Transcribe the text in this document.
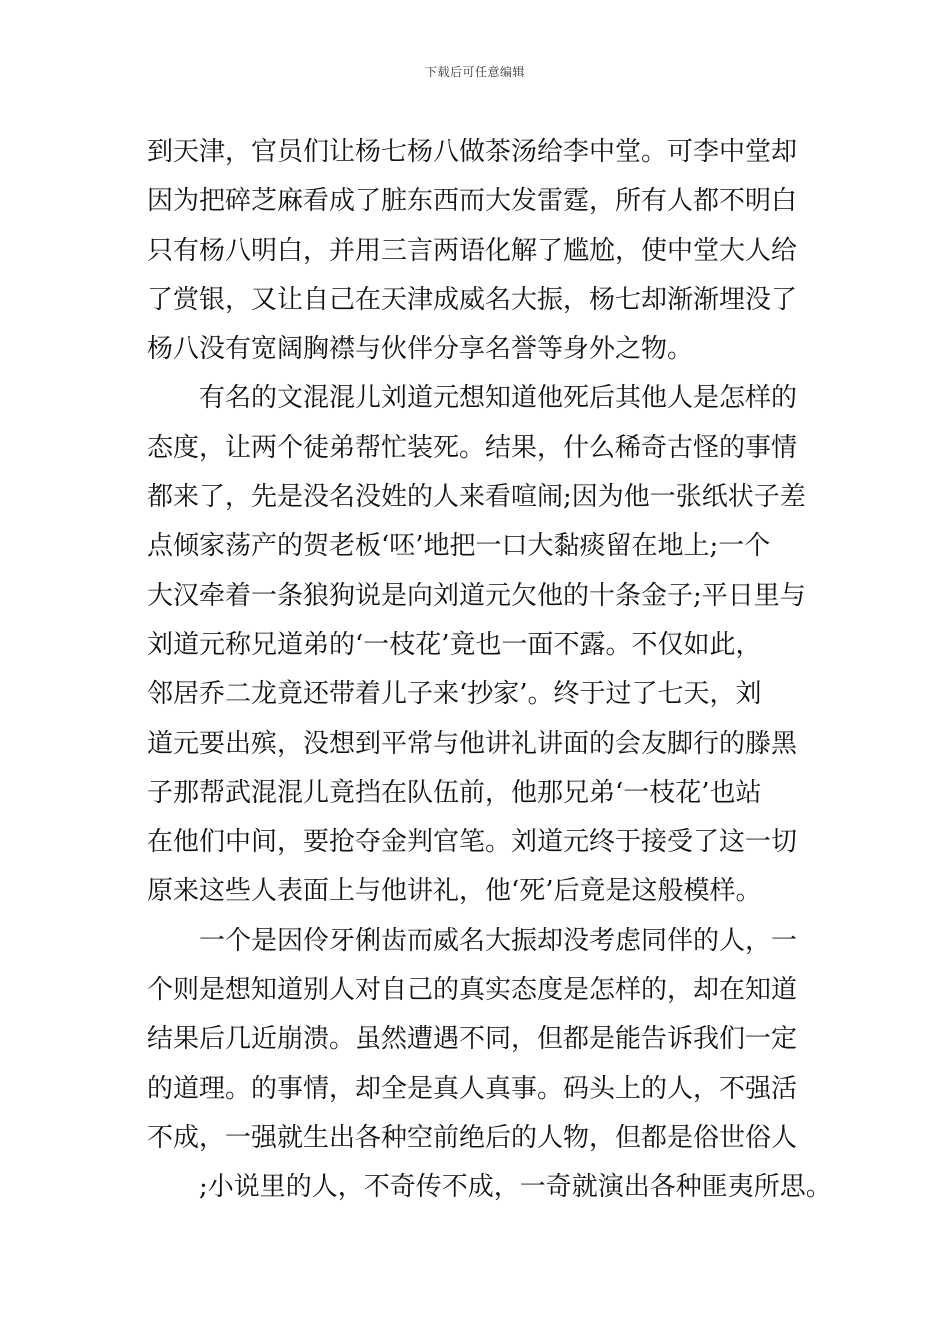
下载后可任意编辑
到天津，官员们让杨七杨八做茶汤给李中堂。可李中堂却
因为把碎芝麻看成了脏东西而大发雷霆，所有人都不明白
只有杨八明白，并用三言两语化解了尴尬，使中堂大人给
了赏银，又让自己在天津成威名大振，杨七却渐渐埋没了
杨八没有宽阔胸襟与伙伴分享名誉等身外之物。
有名的文混混儿刘道元想知道他死后其他人是怎样的
态度，让两个徒弟帮忙装死。结果，什么稀奇古怪的事情
都来了，先是没名没姓的人来看喧闹;因为他一张纸状子差
点倾家荡产的贺老板‘呸’地把一口大黏痰留在地上;一个
大汉牵着一条狼狗说是向刘道元欠他的十条金子;平日里与
刘道元称兄道弟的‘一枝花’竟也一面不露。不仅如此，
邻居乔二龙竟还带着儿子来‘抄家’。终于过了七天，刘
道元要出殡，没想到平常与他讲礼讲面的会友脚行的滕黑
子那帮武混混儿竟挡在队伍前，他那兄弟‘一枝花’也站
在他们中间，要抢夺金判官笔。刘道元终于接受了这一切
原来这些人表面上与他讲礼，他‘死’后竟是这般模样。
一个是因伶牙俐齿而威名大振却没考虑同伴的人，一
个则是想知道别人对自己的真实态度是怎样的，却在知道
结果后几近崩溃。虽然遭遇不同，但都是能告诉我们一定
的道理。的事情，却全是真人真事。码头上的人，不强活
不成，一强就生出各种空前绝后的人物，但都是俗世俗人
;小说里的人，不奇传不成，一奇就演出各种匪夷所思。
